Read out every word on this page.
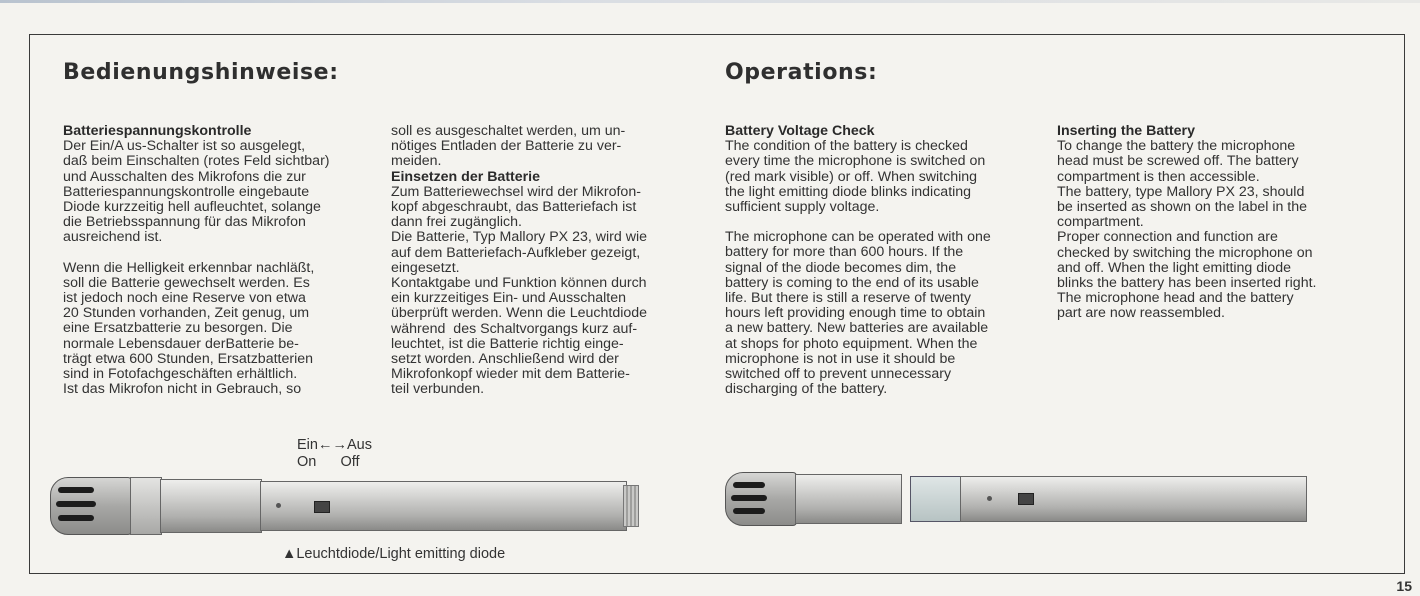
Bedienungshinweise:	Operations:

Batteriespannungskontrolle

Der Ein/A us-Schalter ist so ausgelegt,
daß beim Einschalten (rotes Feld sichtbar)
und Ausschalten des Mikrofons die zur
Batteriespannungskontrolle eingebaute
Diode kurzzeitig hell aufleuchtet, solange
die Betriebsspannung für das Mikrofon
ausreichend ist.
Wenn die Helligkeit erkennbar nachläßt,
soll die Batterie gewechselt werden. Es
ist jedoch noch eine Reserve von etwa
20 Stunden vorhanden, Zeit genug, um
eine Ersatzbatterie zu besorgen. Die
normale Lebensdauer derBatterie be-
trägt etwa 600 Stunden, Ersatzbatterien
sind in Fotofachgeschäften erhältlich.
Ist das Mikrofon nicht in Gebrauch, so
soll es ausgeschaltet werden, um un-
nötiges Entladen der Batterie zu ver-
meiden.

Einsetzen der Batterie

Zum Batteriewechsel wird der Mikrofon-
kopf abgeschraubt, das Batteriefach ist
dann frei zugänglich.
Die Batterie, Typ Mallory PX 23, wird wie
auf dem Batteriefach-Aufkleber gezeigt,
eingesetzt.
Kontaktgabe und Funktion können durch
ein kurzzeitiges Ein- und Ausschalten
überprüft werden. Wenn die Leuchtdiode
während  des Schaltvorgangs kurz auf-
leuchtet, ist die Batterie richtig einge-
setzt worden. Anschließend wird der
Mikrofonkopf wieder mit dem Batterie-
teil verbunden.

Battery Voltage Check

The condition of the battery is checked
every time the microphone is switched on
(red mark visible) or off. When switching
the light emitting diode blinks indicating
sufficient supply voltage.
The microphone can be operated with one
battery for more than 600 hours. If the
signal of the diode becomes dim, the
battery is coming to the end of its usable
life. But there is still a reserve of twenty
hours left providing enough time to obtain
a new battery. New batteries are available
at shops for photo equipment. When the
microphone is not in use it should be
switched off to prevent unnecessary
discharging of the battery.

Inserting the Battery

To change the battery the microphone
head must be screwed off. The battery
compartment is then accessible.
The battery, type Mallory PX 23, should
be inserted as shown on the label in the
compartment.
Proper connection and function are
checked by switching the microphone on
and off. When the light emitting diode
blinks the battery has been inserted right.
The microphone head and the battery
part are now reassembled.
Ein←→Aus
On      Off
▲Leuchtdiode/Light emitting diode
15
